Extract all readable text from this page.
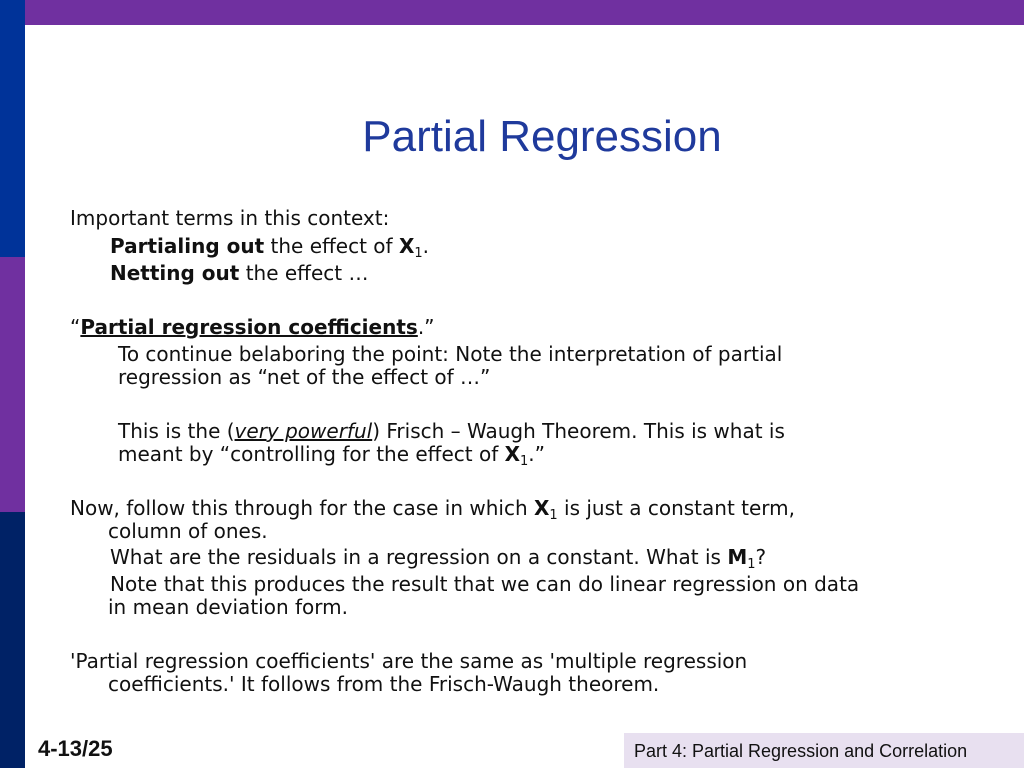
Partial Regression
Important terms in this context:
Partialing out the effect of $X_1$.
Netting out the effect …
“Partial regression coefficients.”
To continue belaboring the point: Note the interpretation of partial
regression as “net of the effect of …”
This is the (very powerful) Frisch – Waugh Theorem. This is what is
meant by “controlling for the effect of $X_1$.”
Now, follow this through for the case in which $X_1$ is just a constant term,
column of ones.
What are the residuals in a regression on a constant. What is $M_1$?
Note that this produces the result that we can do linear regression on data
in mean deviation form.
'Partial regression coefficients' are the same as 'multiple regression
coefficients.' It follows from the Frisch-Waugh theorem.
4-13/25	Part 4: Partial Regression and Correlation
